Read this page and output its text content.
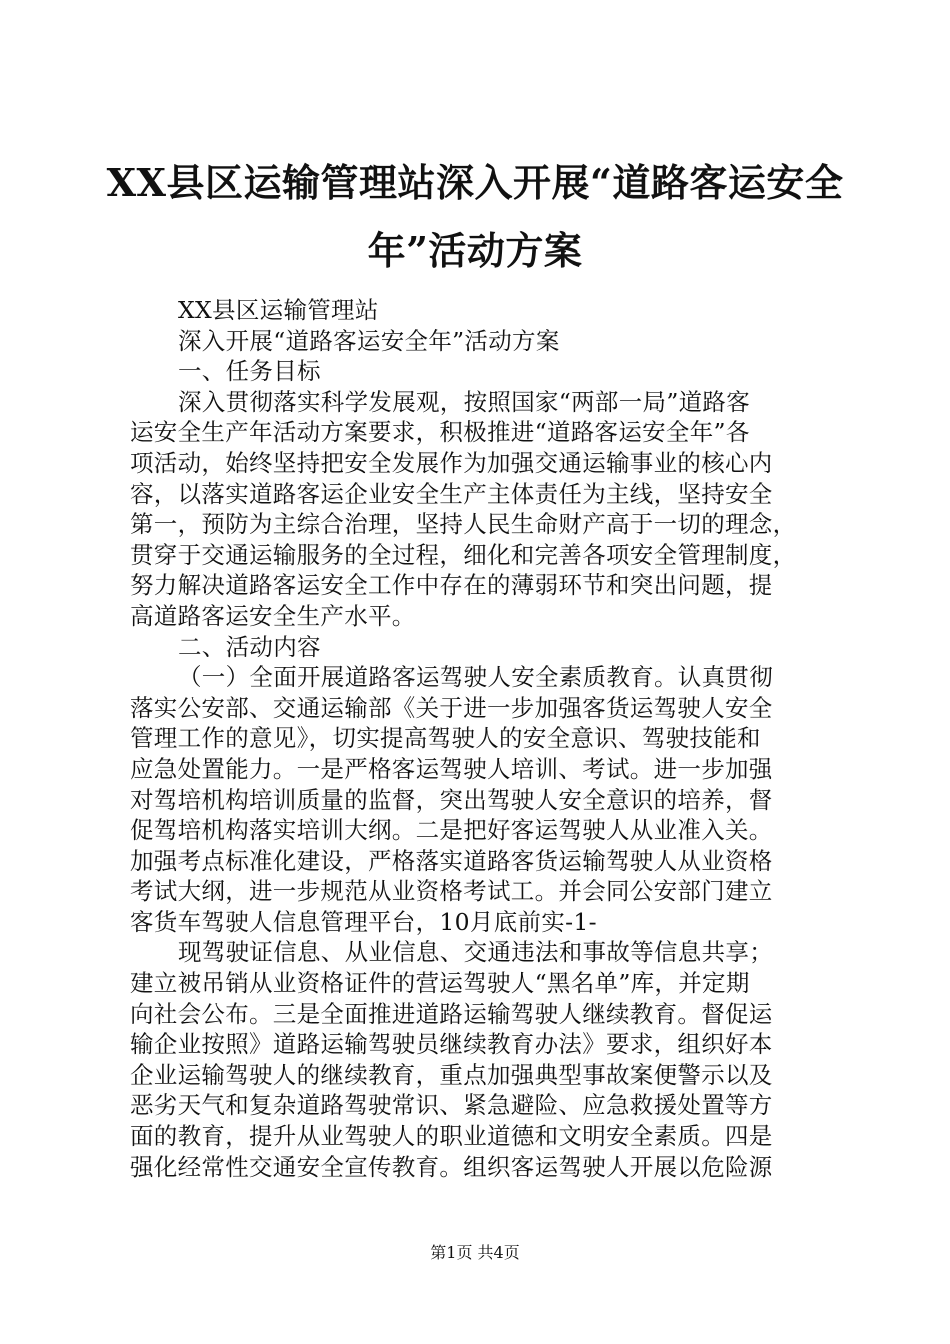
XX县区运输管理站深入开展“道路客运安全
年”活动方案
XX县区运输管理站
深入开展“道路客运安全年”活动方案
一、任务目标
深入贯彻落实科学发展观，按照国家“两部一局”道路客
运安全生产年活动方案要求，积极推进“道路客运安全年”各
项活动，始终坚持把安全发展作为加强交通运输事业的核心内
容，以落实道路客运企业安全生产主体责任为主线，坚持安全
第一，预防为主综合治理，坚持人民生命财产高于一切的理念，
贯穿于交通运输服务的全过程，细化和完善各项安全管理制度，
努力解决道路客运安全工作中存在的薄弱环节和突出问题，提
高道路客运安全生产水平。
二、活动内容
（一）全面开展道路客运驾驶人安全素质教育。认真贯彻
落实公安部、交通运输部《关于进一步加强客货运驾驶人安全
管理工作的意见》，切实提高驾驶人的安全意识、驾驶技能和
应急处置能力。一是严格客运驾驶人培训、考试。进一步加强
对驾培机构培训质量的监督，突出驾驶人安全意识的培养，督
促驾培机构落实培训大纲。二是把好客运驾驶人从业准入关。
加强考点标准化建设，严格落实道路客货运输驾驶人从业资格
考试大纲，进一步规范从业资格考试工。并会同公安部门建立
客货车驾驶人信息管理平台，10月底前实-1-
现驾驶证信息、从业信息、交通违法和事故等信息共享；
建立被吊销从业资格证件的营运驾驶人“黑名单”库，并定期
向社会公布。三是全面推进道路运输驾驶人继续教育。督促运
输企业按照》道路运输驾驶员继续教育办法》要求，组织好本
企业运输驾驶人的继续教育，重点加强典型事故案便警示以及
恶劣天气和复杂道路驾驶常识、紧急避险、应急救援处置等方
面的教育，提升从业驾驶人的职业道德和文明安全素质。四是
强化经常性交通安全宣传教育。组织客运驾驶人开展以危险源
第1页 共4页
